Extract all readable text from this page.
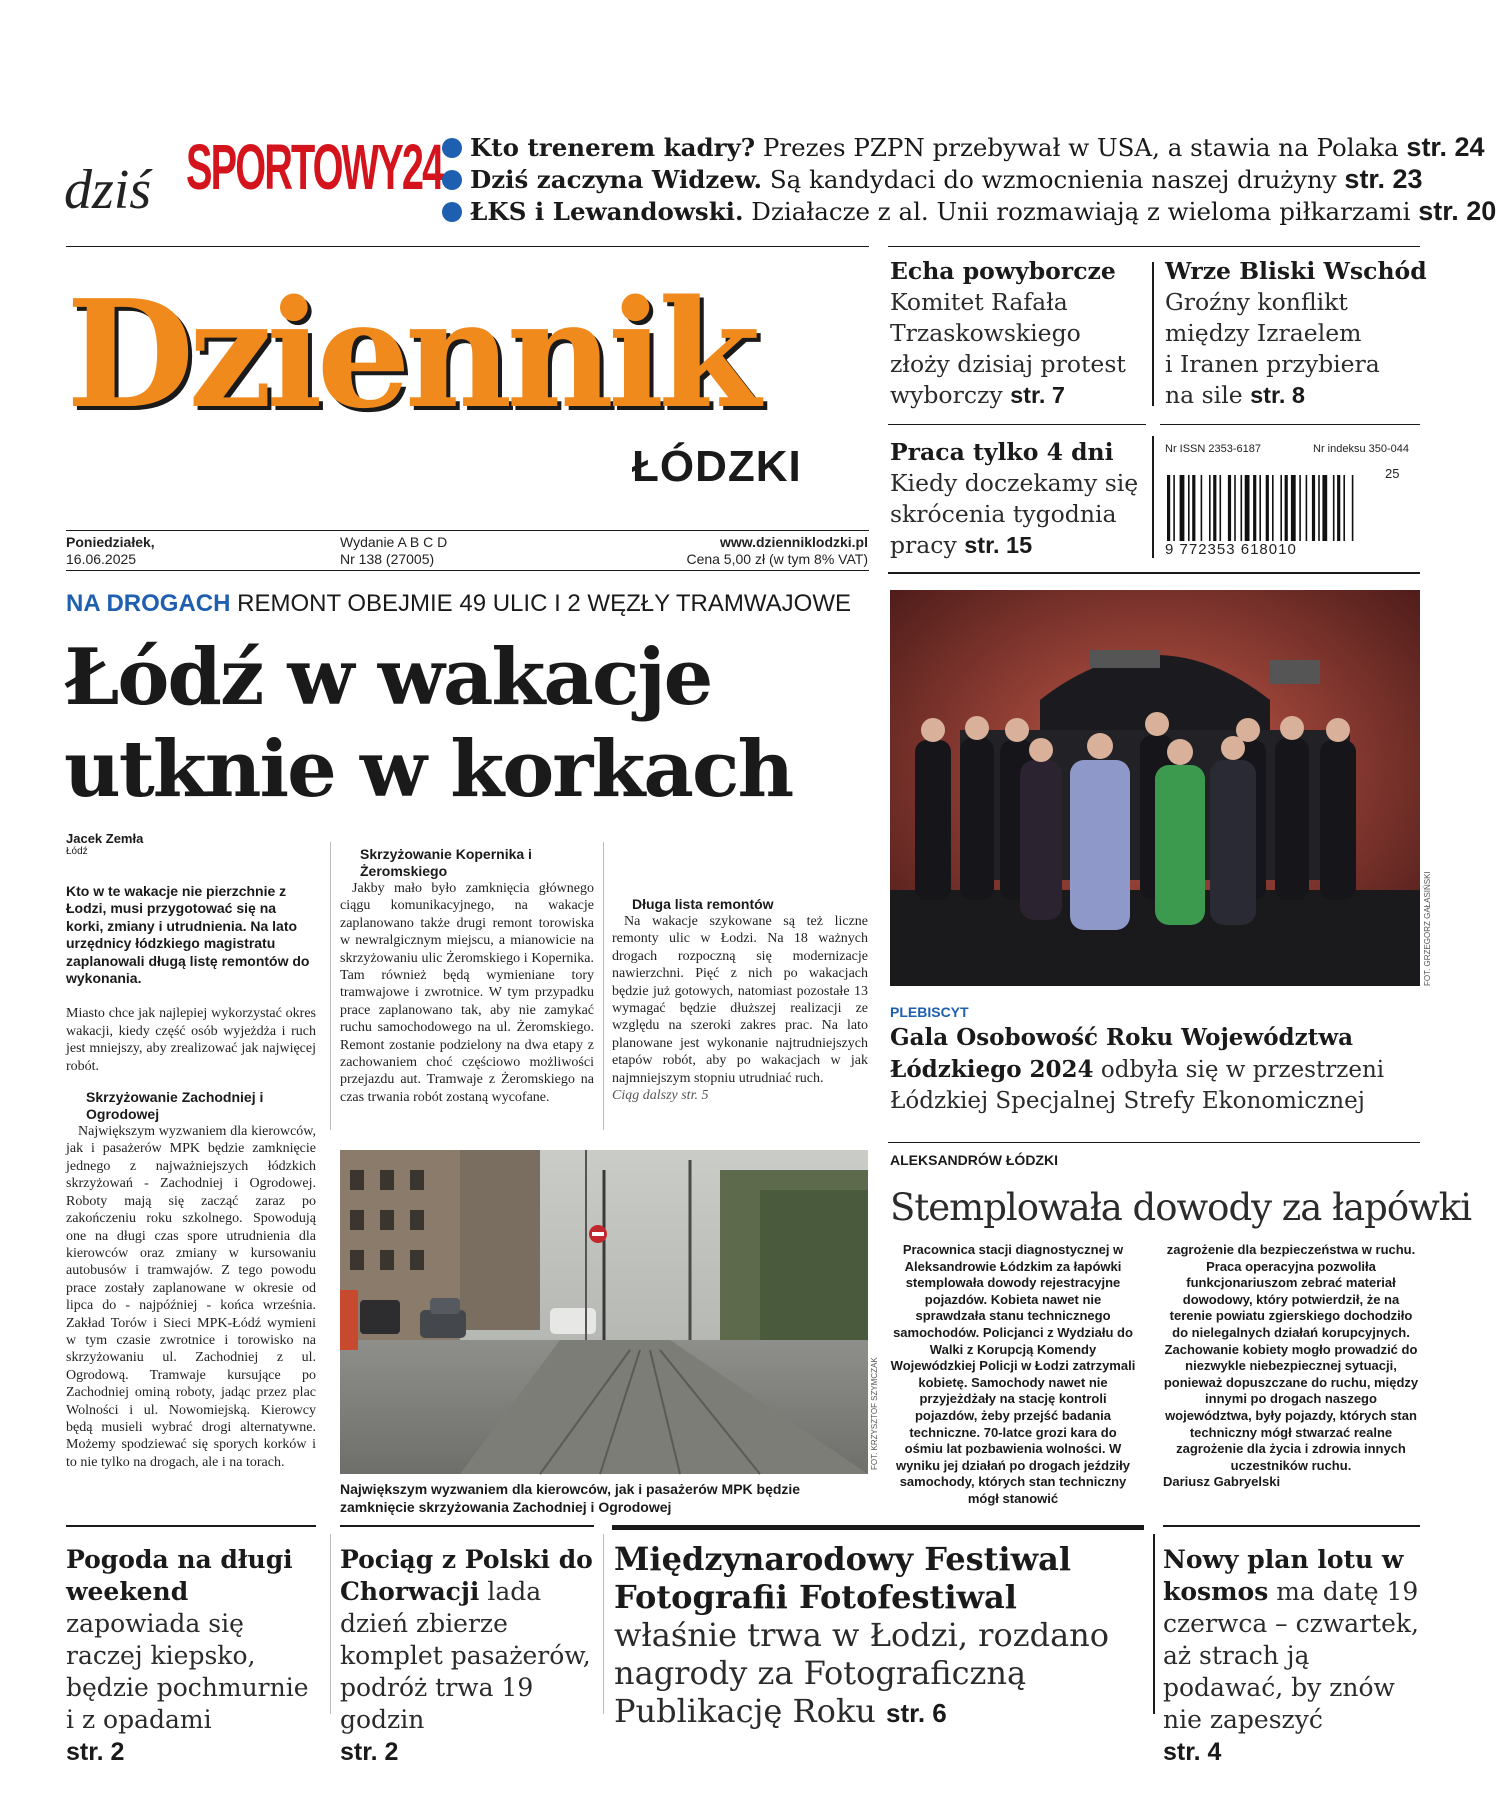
dziś SPORTOWY24	Kto trenerem kadry? Prezes PZPN przebywał w USA, a stawia na Polaka str. 24
Dziś zaczyna Widzew. Są kandydaci do wzmocnienia naszej drużyny str. 23
ŁKS i Lewandowski. Działacze z al. Unii rozmawiają z wieloma piłkarzami str. 20
Dziennik
ŁÓDZKI
Poniedziałek,
16.06.2025
Wydanie A B C D
Nr 138 (27005)
www.dzienniklodzki.pl
Cena 5,00 zł (w tym 8% VAT)
Echa powyborcze
Komitet Rafała
Trzaskowskiego
złoży dzisiaj protest
wyborczy str. 7
Wrze Bliski Wschód
Groźny konflikt
między Izraelem
i Iranen przybiera
na sile str. 8
Praca tylko 4 dni
Kiedy doczekamy się
skrócenia tygodnia
pracy str. 15
Nr ISSN 2353-6187	Nr indeksu 350-044
25
9 772353 618010
NA DROGACH REMONT OBEJMIE 49 ULIC I 2 WĘZŁY TRAMWAJOWE
Łódź w wakacje
utknie w korkach
Jacek Zemła
Łódź
Kto w te wakacje nie pierzchnie z Łodzi, musi przygotować się na korki, zmiany i utrudnienia. Na lato urzędnicy łódzkiego magistratu zaplanowali długą listę remontów do wykonania.
Miasto chce jak najlepiej wykorzystać okres wakacji, kiedy część osób wyjeżdża i ruch jest mniejszy, aby zrealizować jak najwięcej robót.
Skrzyżowanie Zachodniej i Ogrodowej

Największym wyzwaniem dla kierowców, jak i pasażerów MPK będzie zamknięcie jednego z najważniejszych łódzkich skrzyżowań - Zachodniej i Ogrodowej. Roboty mają się zacząć zaraz po zakończeniu roku szkolnego. Spowodują one na długi czas spore utrudnienia dla kierowców oraz zmiany w kursowaniu autobusów i tramwajów. Z tego powodu prace zostały zaplanowane w okresie od lipca do - najpóźniej - końca września. Zakład Torów i Sieci MPK-Łódź wymieni w tym czasie zwrotnice i torowisko na skrzyżowaniu ul. Zachodniej z ul. Ogrodową. Tramwaje kursujące po Zachodniej ominą roboty, jadąc przez plac Wolności i ul. Nowomiejską. Kierowcy będą musieli wybrać drogi alternatywne. Możemy spodziewać się sporych korków i to nie tylko na drogach, ale i na torach.

Skrzyżowanie Kopernika i Żeromskiego

Jakby mało było zamknięcia głównego ciągu komunikacyjnego, na wakacje zaplanowano także drugi remont torowiska w newralgicznym miejscu, a mianowicie na skrzyżowaniu ulic Żeromskiego i Kopernika. Tam również będą wymieniane tory tramwajowe i zwrotnice. W tym przypadku prace zaplanowano tak, aby nie zamykać ruchu samochodowego na ul. Żeromskiego. Remont zostanie podzielony na dwa etapy z zachowaniem choć częściowo możliwości przejazdu aut. Tramwaje z Żeromskiego na czas trwania robót zostaną wycofane.

Długa lista remontów

Na wakacje szykowane są też liczne remonty ulic w Łodzi. Na 18 ważnych drogach rozpoczną się modernizacje nawierzchni. Pięć z nich po wakacjach będzie już gotowych, natomiast pozostałe 13 wymagać będzie dłuższej realizacji ze względu na szeroki zakres prac. Na lato planowane jest wykonanie najtrudniejszych etapów robót, aby po wakacjach w jak najmniejszym stopniu utrudniać ruch.

Ciąg dalszy str. 5
FOT. KRZYSZTOF SZYMCZAK
Największym wyzwaniem dla kierowców, jak i pasażerów MPK będzie zamknięcie skrzyżowania Zachodniej i Ogrodowej
FOT. GRZEGORZ GAŁASIŃSKI
PLEBISCYT
Gala Osobowość Roku Województwa Łódzkiego 2024 odbyła się w przestrzeni Łódzkiej Specjalnej Strefy Ekonomicznej
ALEKSANDRÓW ŁÓDZKI
Stemplowała dowody za łapówki
Pracownica stacji diagnostycznej w Aleksandrowie Łódzkim za łapówki stemplowała dowody rejestracyjne pojazdów. Kobieta nawet nie sprawdzała stanu technicznego samochodów. Policjanci z Wydziału do Walki z Korupcją Komendy Wojewódzkiej Policji w Łodzi zatrzymali kobietę. Samochody nawet nie przyjeżdżały na stację kontroli pojazdów, żeby przejść badania techniczne. 70-latce grozi kara do ośmiu lat pozbawienia wolności. W wyniku jej działań po drogach jeździły samochody, których stan techniczny mógł stanowić
zagrożenie dla bezpieczeństwa w ruchu. Praca operacyjna pozwoliła funkcjonariuszom zebrać materiał dowodowy, który potwierdził, że na terenie powiatu zgierskiego dochodziło do nielegalnych działań korupcyjnych. Zachowanie kobiety mogło prowadzić do niezwykle niebezpiecznej sytuacji, ponieważ dopuszczane do ruchu, między innymi po drogach naszego województwa, były pojazdy, których stan techniczny mógł stwarzać realne zagrożenie dla życia i zdrowia innych uczestników ruchu.
Dariusz Gabryelski
Pogoda na długi weekend zapowiada się raczej kiepsko, będzie pochmurnie i z opadami
str. 2
Pociąg z Polski do Chorwacji lada dzień zbierze komplet pasażerów, podróż trwa 19 godzin
str. 2
Międzynarodowy Festiwal Fotografii Fotofestiwal właśnie trwa w Łodzi, rozdano nagrody za Fotograficzną Publikację Roku str. 6
Nowy plan lotu w kosmos ma datę 19 czerwca – czwartek, aż strach ją podawać, by znów nie zapeszyć
str. 4
